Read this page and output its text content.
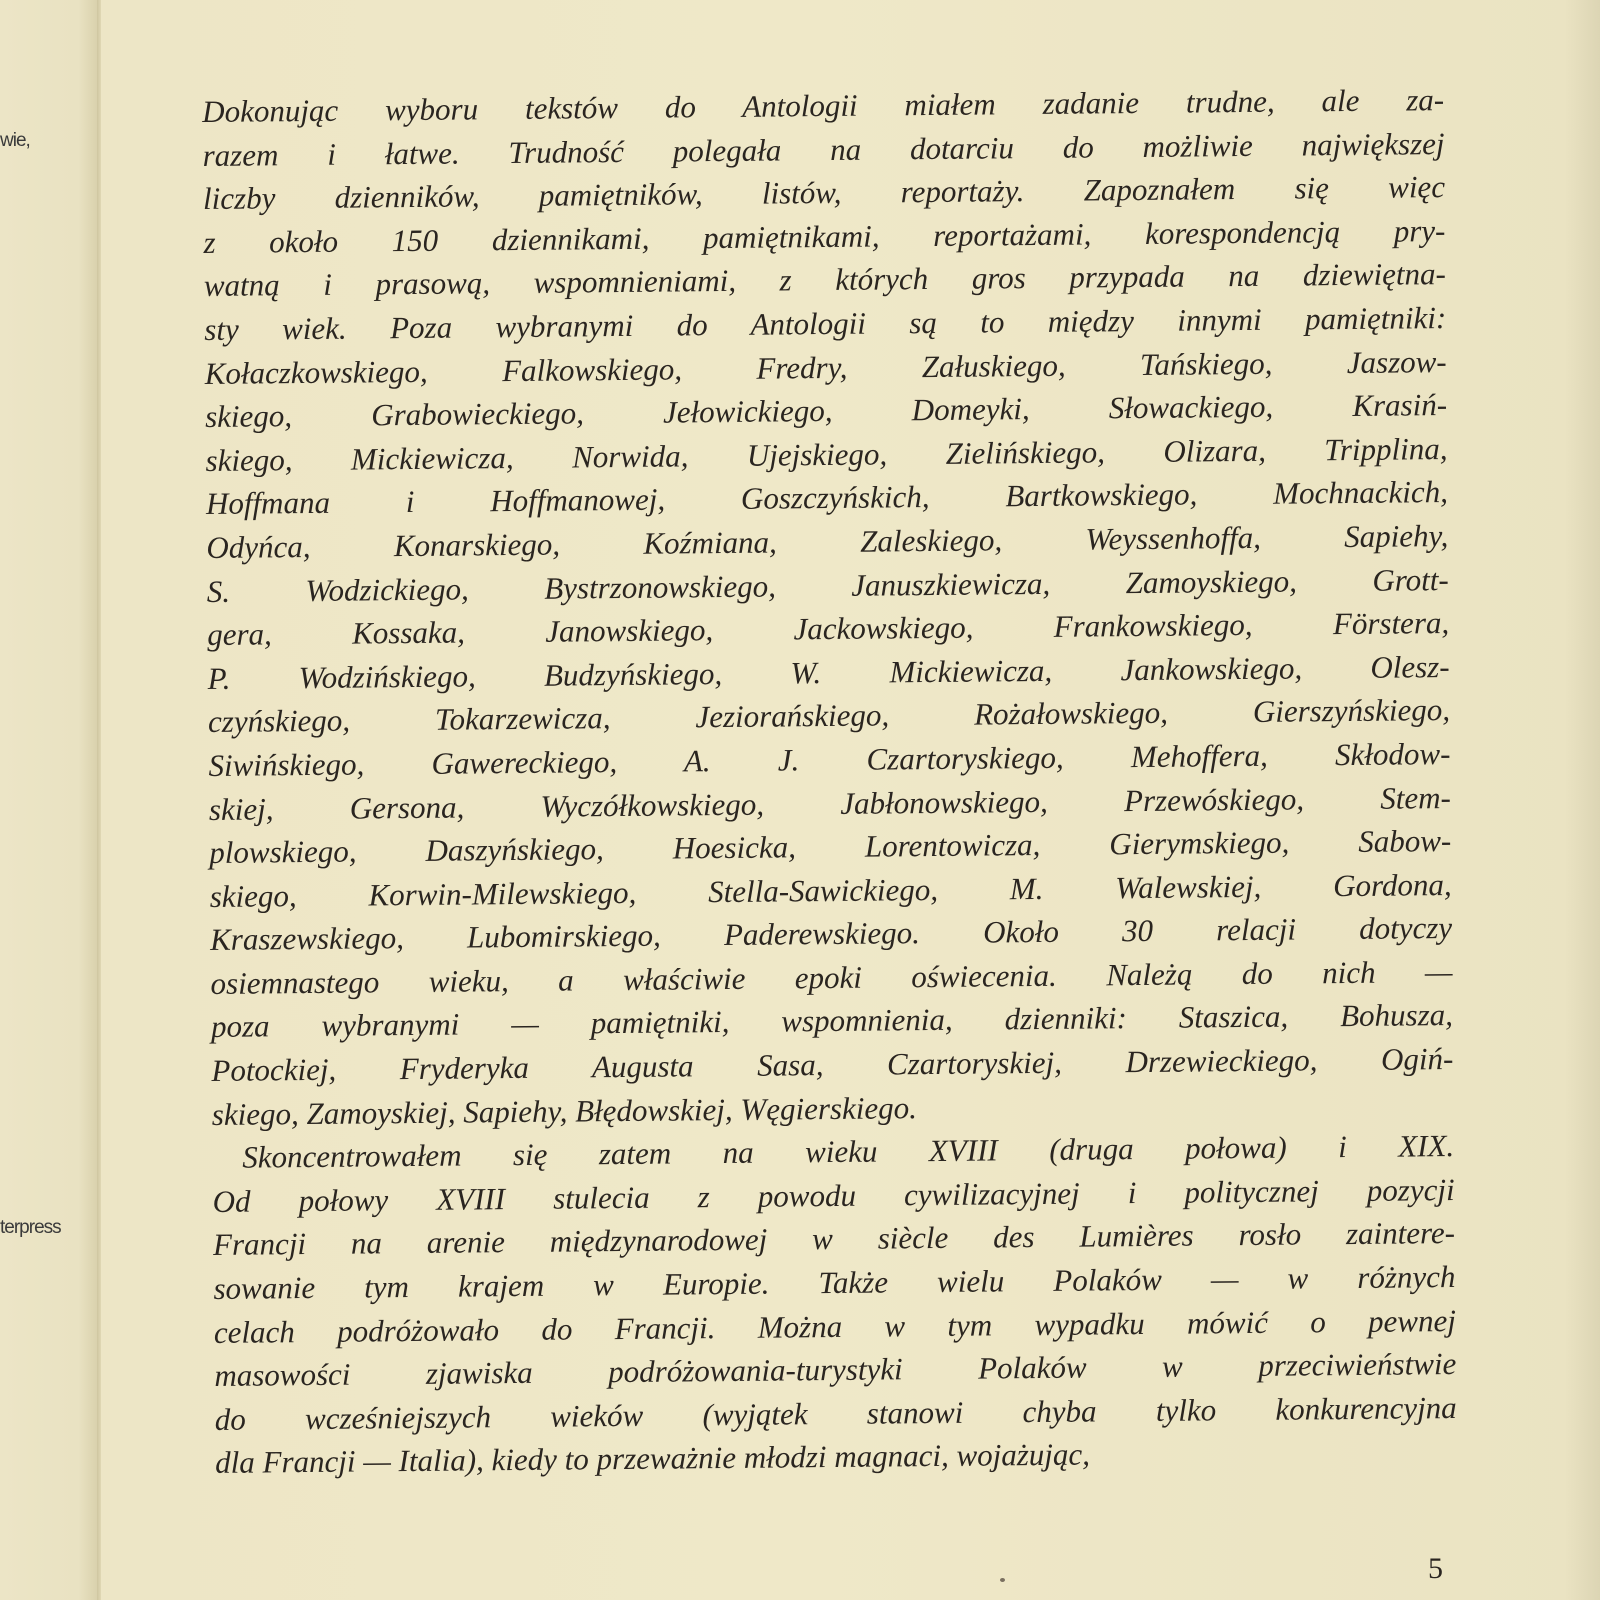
wie,
terpress
Dokonując wyboru tekstów do Antologii miałem zadanie trudne, ale za-
razem i łatwe. Trudność polegała na dotarciu do możliwie największej
liczby dzienników, pamiętników, listów, reportaży. Zapoznałem się więc
z około 150 dziennikami, pamiętnikami, reportażami, korespondencją pry-
watną i prasową, wspomnieniami, z których gros przypada na dziewiętna-
sty wiek. Poza wybranymi do Antologii są to między innymi pamiętniki:
Kołaczkowskiego, Falkowskiego, Fredry, Załuskiego, Tańskiego, Jaszow-
skiego, Grabowieckiego, Jełowickiego, Domeyki, Słowackiego, Krasiń-
skiego, Mickiewicza, Norwida, Ujejskiego, Zielińskiego, Olizara, Tripplina,
Hoffmana i Hoffmanowej, Goszczyńskich, Bartkowskiego, Mochnackich,
Odyńca, Konarskiego, Koźmiana, Zaleskiego, Weyssenhoffa, Sapiehy,
S. Wodzickiego, Bystrzonowskiego, Januszkiewicza, Zamoyskiego, Grott-
gera, Kossaka, Janowskiego, Jackowskiego, Frankowskiego, Förstera,
P. Wodzińskiego, Budzyńskiego, W. Mickiewicza, Jankowskiego, Olesz-
czyńskiego, Tokarzewicza, Jeziorańskiego, Rożałowskiego, Gierszyńskiego,
Siwińskiego, Gawereckiego, A. J. Czartoryskiego, Mehoffera, Skłodow-
skiej, Gersona, Wyczółkowskiego, Jabłonowskiego, Przewóskiego, Stem-
plowskiego, Daszyńskiego, Hoesicka, Lorentowicza, Gierymskiego, Sabow-
skiego, Korwin-Milewskiego, Stella-Sawickiego, M. Walewskiej, Gordona,
Kraszewskiego, Lubomirskiego, Paderewskiego. Około 30 relacji dotyczy
osiemnastego wieku, a właściwie epoki oświecenia. Należą do nich —
poza wybranymi — pamiętniki, wspomnienia, dzienniki: Staszica, Bohusza,
Potockiej, Fryderyka Augusta Sasa, Czartoryskiej, Drzewieckiego, Ogiń-
skiego, Zamoyskiej, Sapiehy, Błędowskiej, Węgierskiego.
Skoncentrowałem się zatem na wieku XVIII (druga połowa) i XIX.
Od połowy XVIII stulecia z powodu cywilizacyjnej i politycznej pozycji
Francji na arenie międzynarodowej w siècle des Lumières rosło zaintere-
sowanie tym krajem w Europie. Także wielu Polaków — w różnych
celach podróżowało do Francji. Można w tym wypadku mówić o pewnej
masowości zjawiska podróżowania-turystyki Polaków w przeciwieństwie
do wcześniejszych wieków (wyjątek stanowi chyba tylko konkurencyjna
dla Francji — Italia), kiedy to przeważnie młodzi magnaci, wojażując,
5
